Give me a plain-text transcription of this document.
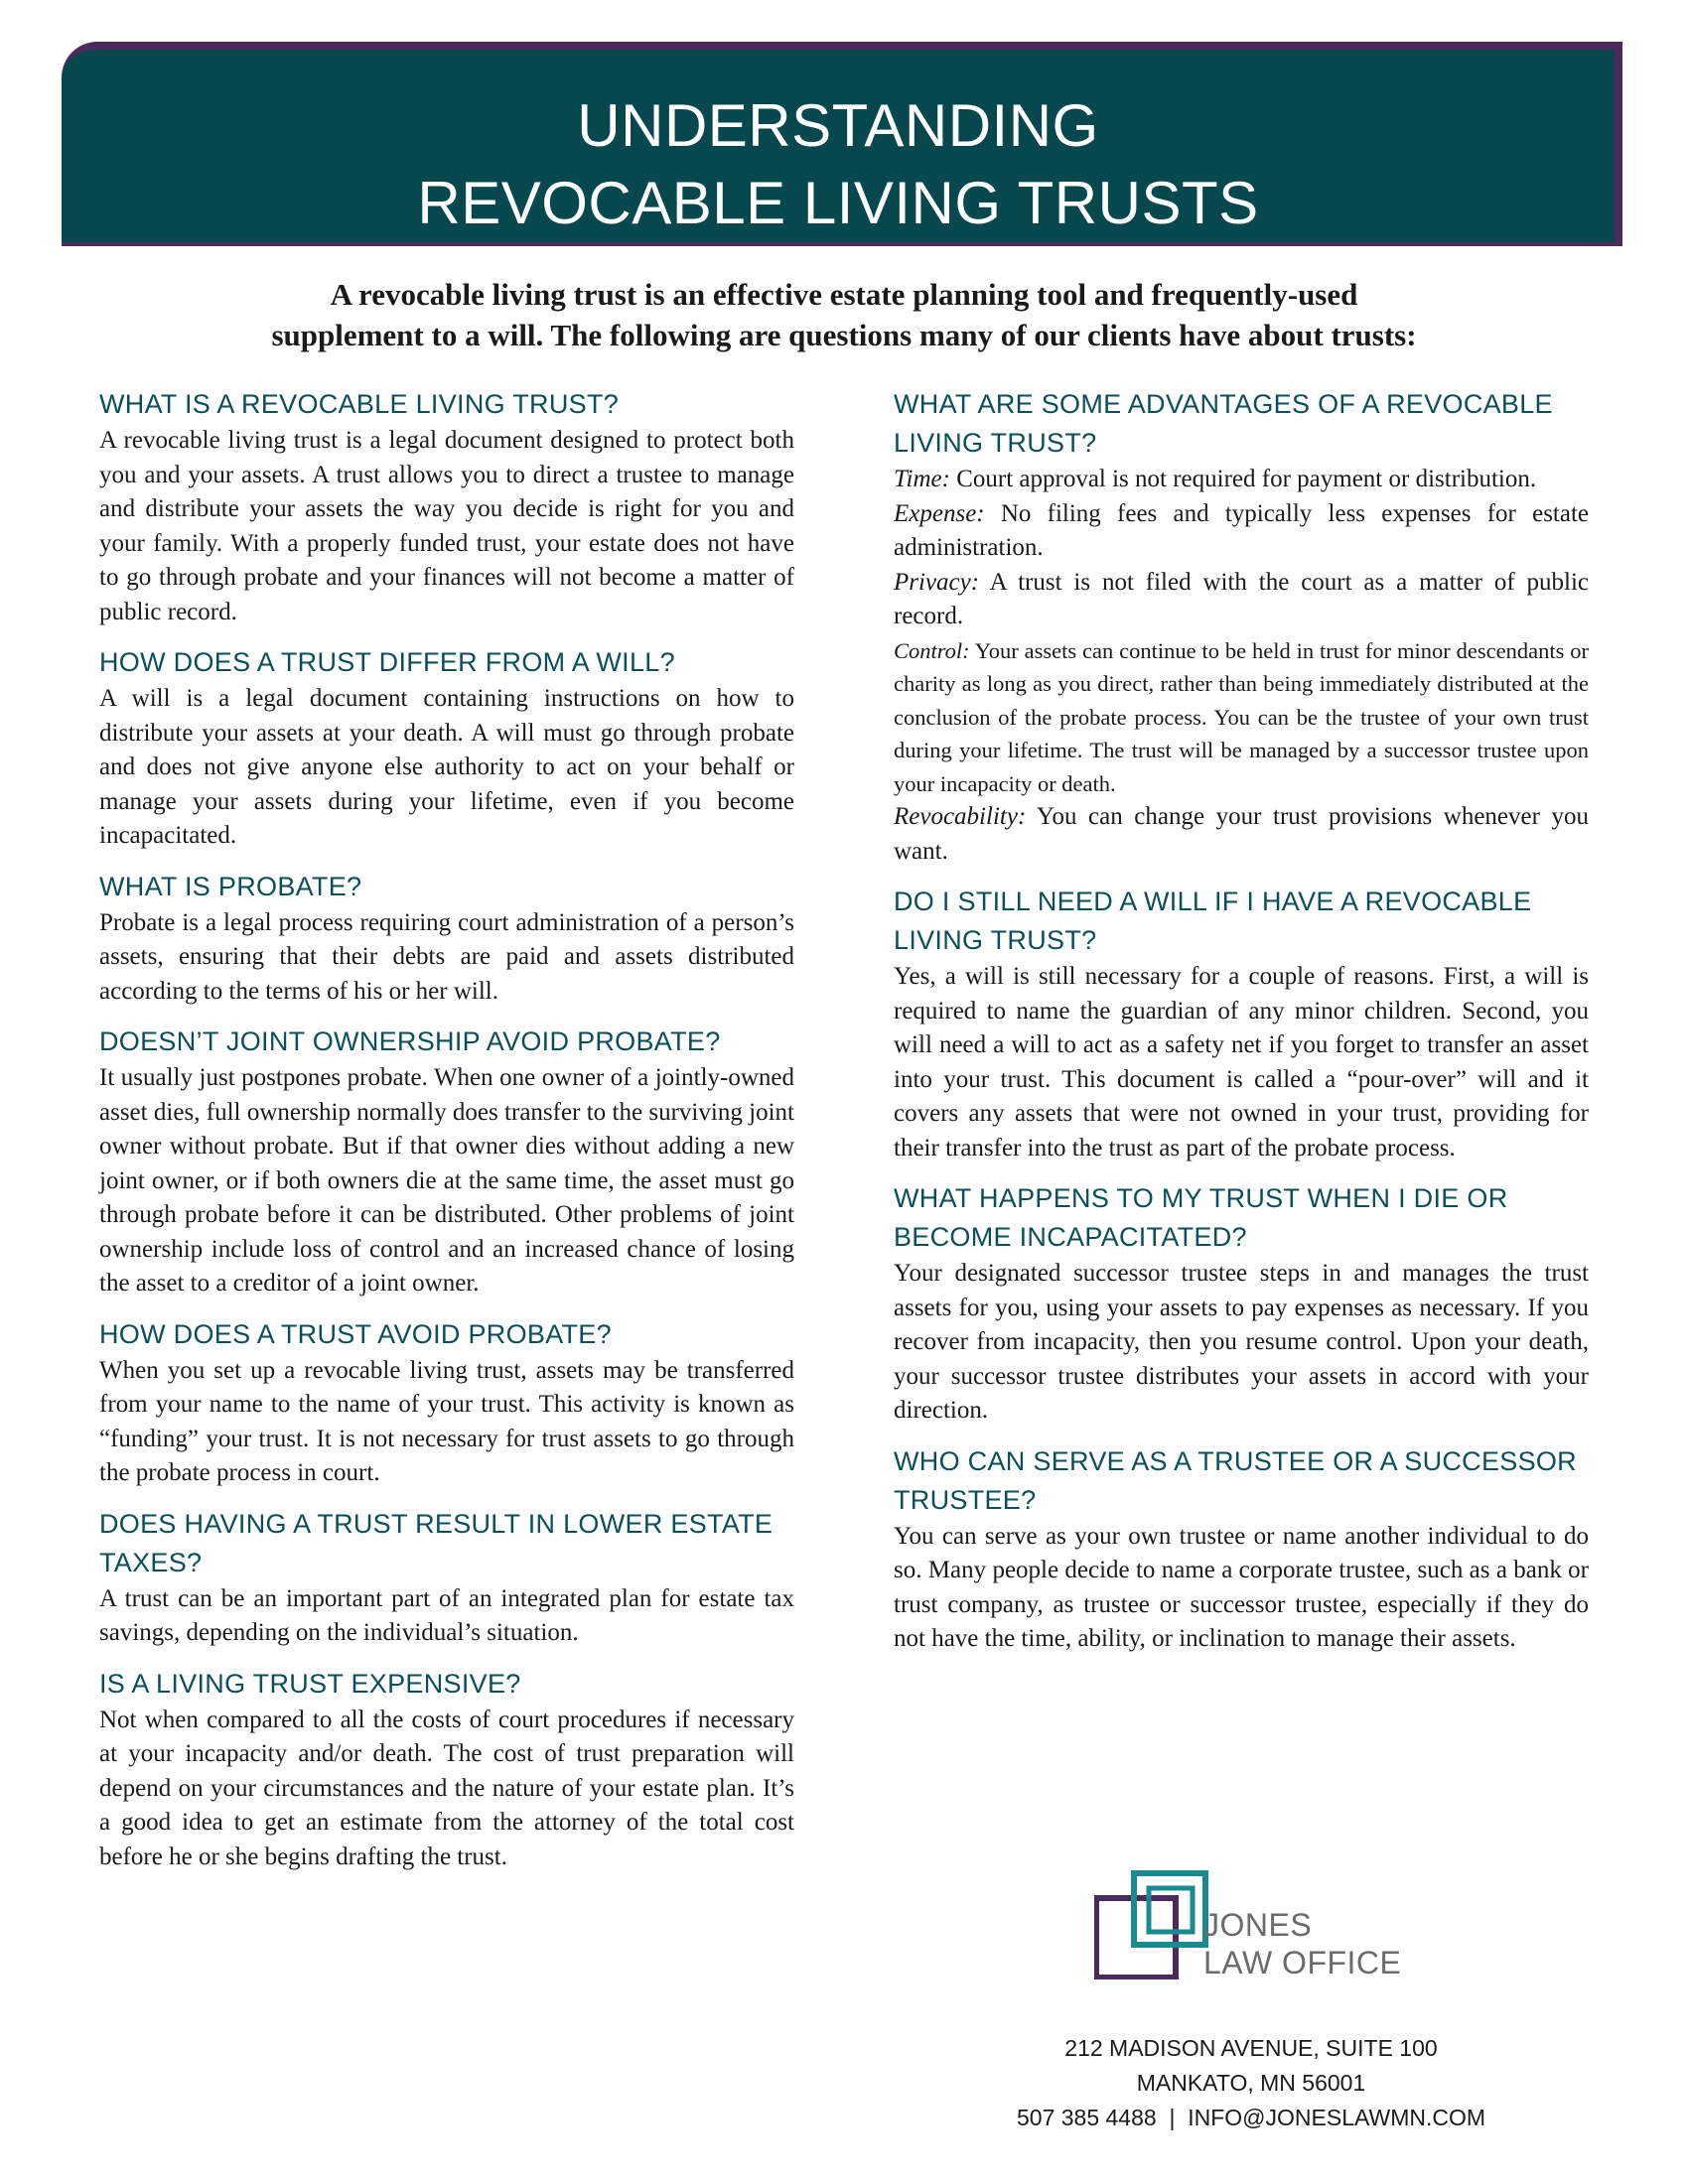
UNDERSTANDING
REVOCABLE LIVING TRUSTS
A revocable living trust is an effective estate planning tool and frequently-used
supplement to a will. The following are questions many of our clients have about trusts:
WHAT IS A REVOCABLE LIVING TRUST?

A revocable living trust is a legal document designed to protect both you and your assets. A trust allows you to direct a trustee to manage and distribute your assets the way you decide is right for you and your family. With a properly funded trust, your estate does not have to go through probate and your finances will not become a matter of public record.

HOW DOES A TRUST DIFFER FROM A WILL?

A will is a legal document containing instructions on how to distribute your assets at your death. A will must go through probate and does not give anyone else authority to act on your behalf or manage your assets during your lifetime, even if you become incapacitated.

WHAT IS PROBATE?

Probate is a legal process requiring court administration of a person’s assets, ensuring that their debts are paid and assets distributed according to the terms of his or her will.

DOESN’T JOINT OWNERSHIP AVOID PROBATE?

It usually just postpones probate. When one owner of a jointly-owned asset dies, full ownership normally does transfer to the surviving joint owner without probate. But if that owner dies without adding a new joint owner, or if both owners die at the same time, the asset must go through probate before it can be distributed. Other problems of joint ownership include loss of control and an increased chance of losing the asset to a creditor of a joint owner.

HOW DOES A TRUST AVOID PROBATE?

When you set up a revocable living trust, assets may be transferred from your name to the name of your trust. This activity is known as “funding” your trust. It is not necessary for trust assets to go through the probate process in court.

DOES HAVING A TRUST RESULT IN LOWER ESTATE TAXES?

A trust can be an important part of an integrated plan for estate tax savings, depending on the individual’s situation.

IS A LIVING TRUST EXPENSIVE?

Not when compared to all the costs of court procedures if necessary at your incapacity and/or death. The cost of trust preparation will depend on your circumstances and the nature of your estate plan. It’s a good idea to get an estimate from the attorney of the total cost before he or she begins drafting the trust.

WHAT ARE SOME ADVANTAGES OF A REVOCABLE LIVING TRUST?

Time: Court approval is not required for payment or distribution.

Expense: No filing fees and typically less expenses for estate administration.

Privacy: A trust is not filed with the court as a matter of public record.

Control: Your assets can continue to be held in trust for minor descendants or charity as long as you direct, rather than being immediately distributed at the conclusion of the probate process. You can be the trustee of your own trust during your lifetime. The trust will be managed by a successor trustee upon your incapacity or death.

Revocability: You can change your trust provisions whenever you want.

DO I STILL NEED A WILL IF I HAVE A REVOCABLE LIVING TRUST?

Yes, a will is still necessary for a couple of reasons. First, a will is required to name the guardian of any minor children. Second, you will need a will to act as a safety net if you forget to transfer an asset into your trust. This document is called a “pour-over” will and it covers any assets that were not owned in your trust, providing for their transfer into the trust as part of the probate process.

WHAT HAPPENS TO MY TRUST WHEN I DIE OR BECOME INCAPACITATED?

Your designated successor trustee steps in and manages the trust assets for you, using your assets to pay expenses as necessary. If you recover from incapacity, then you resume control. Upon your death, your successor trustee distributes your assets in accord with your direction.

WHO CAN SERVE AS A TRUSTEE OR A SUCCESSOR TRUSTEE?

You can serve as your own trustee or name another individual to do so. Many people decide to name a corporate trustee, such as a bank or trust company, as trustee or successor trustee, especially if they do not have the time, ability, or inclination to manage their assets.

JONES
LAW OFFICE
212 MADISON AVENUE, SUITE 100
MANKATO, MN 56001
507 385 4488 | INFO@JONESLAWMN.COM
